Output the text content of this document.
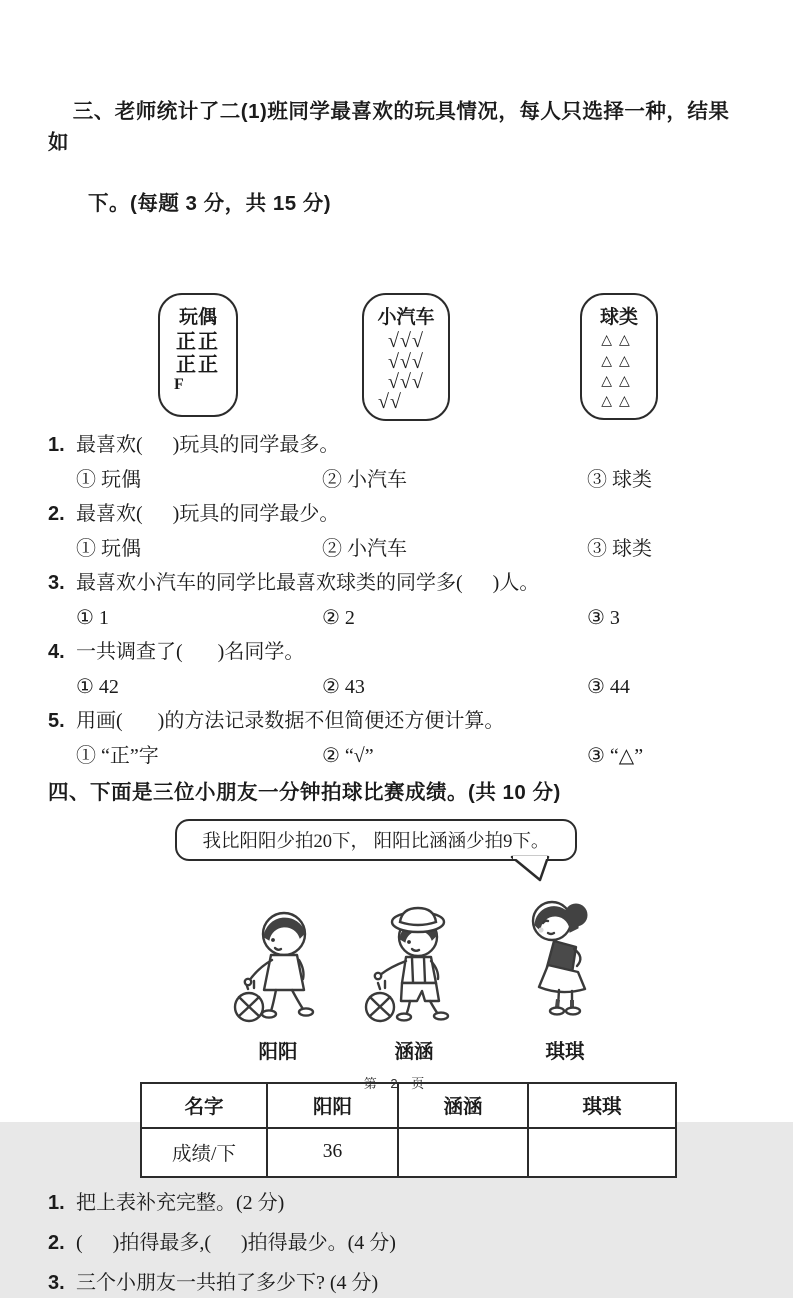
三、老师统计了二(1)班同学最喜欢的玩具情况，每人只选择一种，结果如

下。(每题 3 分，共 15 分)

玩偶
正正
正正
F
小汽车
√√√
√√√
√√√
√√
球类
△△
△△
△△
△△
1. 最喜欢(      )玩具的同学最多。
① 玩偶	② 小汽车	③ 球类
2. 最喜欢(      )玩具的同学最少。
① 玩偶	② 小汽车	③ 球类
3. 最喜欢小汽车的同学比最喜欢球类的同学多(      )人。
① 1	② 2	③ 3
4. 一共调查了(       )名同学。
① 42	② 43	③ 44
5. 用画(       )的方法记录数据不但简便还方便计算。
① “正”字	② “√”	③ “△”
四、下面是三位小朋友一分钟拍球比赛成绩。(共 10 分)
我比阳阳少拍20下， 阳阳比涵涵少拍9下。
阳阳	涵涵	琪琪
名字	阳阳	涵涵	琪琪
成绩/下	36		
1. 把上表补充完整。(2 分)
2. (      )拍得最多,(      )拍得最少。(4 分)
3. 三个小朋友一共拍了多少下? (4 分)
第 2 页
